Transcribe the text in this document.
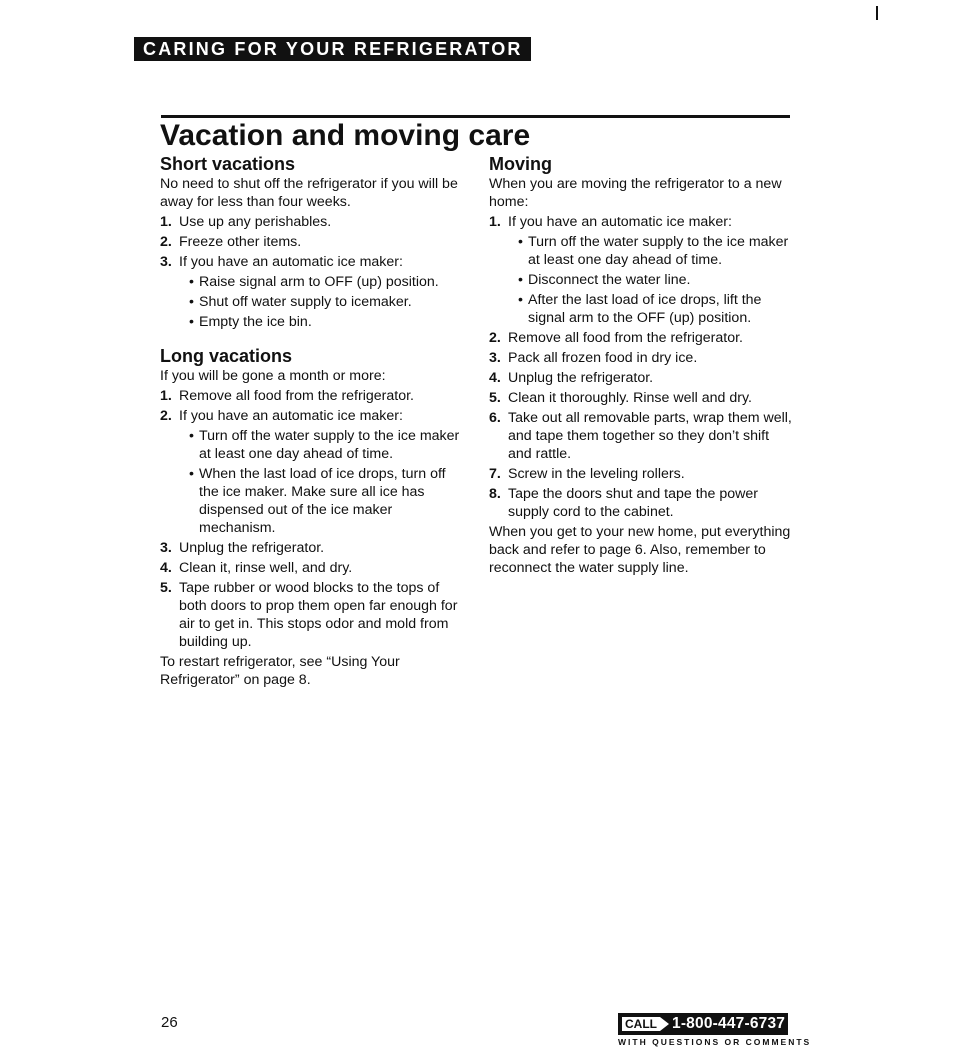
CARING FOR YOUR REFRIGERATOR
Vacation and moving care
Short vacations

No need to shut off the refrigerator if you will be away for less than four weeks.

1. Use up any perishables.
2. Freeze other items.
3. If you have an automatic ice maker:
• Raise signal arm to OFF (up) position.
• Shut off water supply to icemaker.
• Empty the ice bin.
Long vacations

If you will be gone a month or more:

1. Remove all food from the refrigerator.
2. If you have an automatic ice maker:
• Turn off the water supply to the ice maker at least one day ahead of time.
• When the last load of ice drops, turn off the ice maker. Make sure all ice has dispensed out of the ice maker mechanism.
3. Unplug the refrigerator.
4. Clean it, rinse well, and dry.
5. Tape rubber or wood blocks to the tops of both doors to prop them open far enough for air to get in. This stops odor and mold from building up.

To restart refrigerator, see “Using Your Refrigerator” on page 8.

Moving

When you are moving the refrigerator to a new home:

1. If you have an automatic ice maker:
• Turn off the water supply to the ice maker at least one day ahead of time.
• Disconnect the water line.
• After the last load of ice drops, lift the signal arm to the OFF (up) position.
2. Remove all food from the refrigerator.
3. Pack all frozen food in dry ice.
4. Unplug the refrigerator.
5. Clean it thoroughly. Rinse well and dry.
6. Take out all removable parts, wrap them well, and tape them together so they don’t shift and rattle.
7. Screw in the leveling rollers.
8. Tape the doors shut and tape the power supply cord to the cabinet.

When you get to your new home, put everything back and refer to page 6. Also, remember to reconnect the water supply line.

26	CALL 1-800-447-6737
WITH QUESTIONS OR COMMENTS
